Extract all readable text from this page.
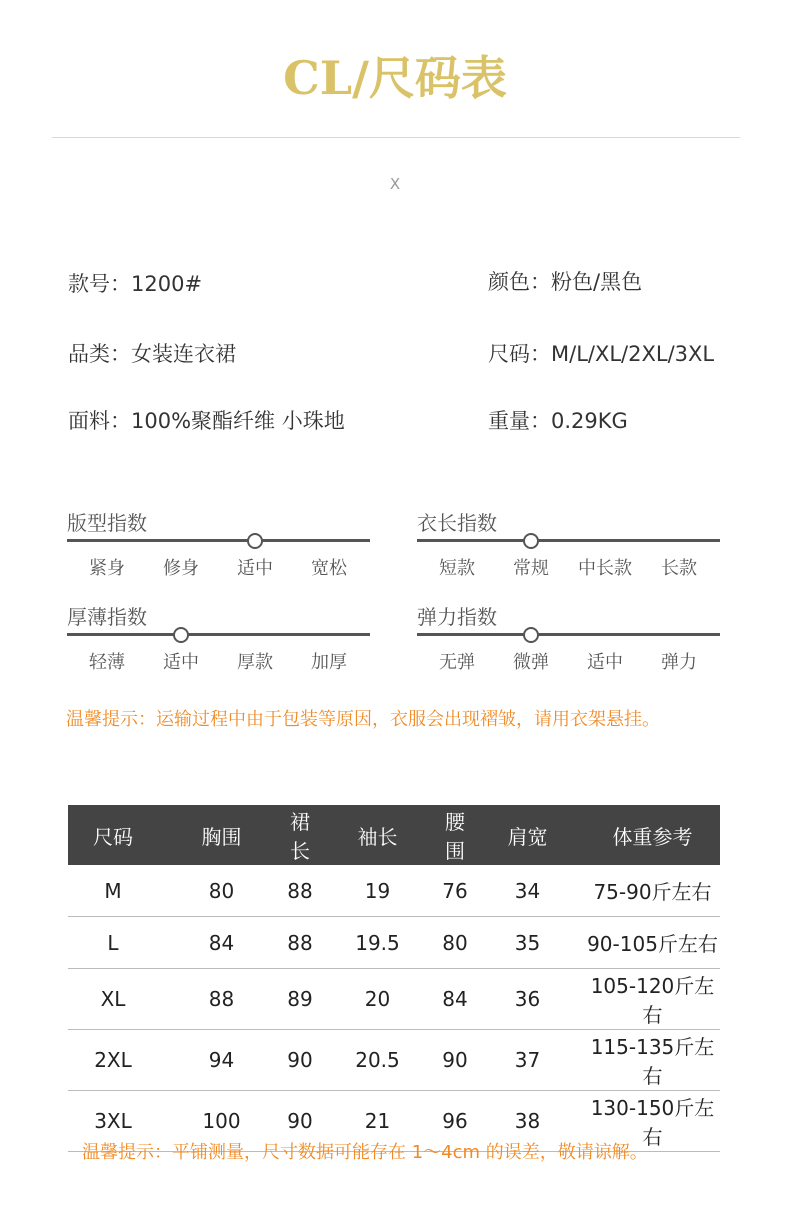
CL/尺码表
X
款号：1200#	颜色：粉色/黑色
品类：女装连衣裙	尺码：M/L/XL/2XL/3XL
面料：100%聚酯纤维 小珠地	重量：0.29KG
版型指数
紧身	修身	适中	宽松
衣长指数
短款	常规	中长款	长款
厚薄指数
轻薄	适中	厚款	加厚
弹力指数
无弹	微弹	适中	弹力
温馨提示：运输过程中由于包装等原因，衣服会出现褶皱，请用衣架悬挂。
尺码	胸围	裙长	袖长	腰围	肩宽	体重参考
M	80	88	19	76	34	75-90斤左右
L	84	88	19.5	80	35	90-105斤左右
XL	88	89	20	84	36	105-120斤左右
2XL	94	90	20.5	90	37	115-135斤左右
3XL	100	90	21	96	38	130-150斤左右
温馨提示：平铺测量，尺寸数据可能存在 1～4cm 的误差，敬请谅解。
